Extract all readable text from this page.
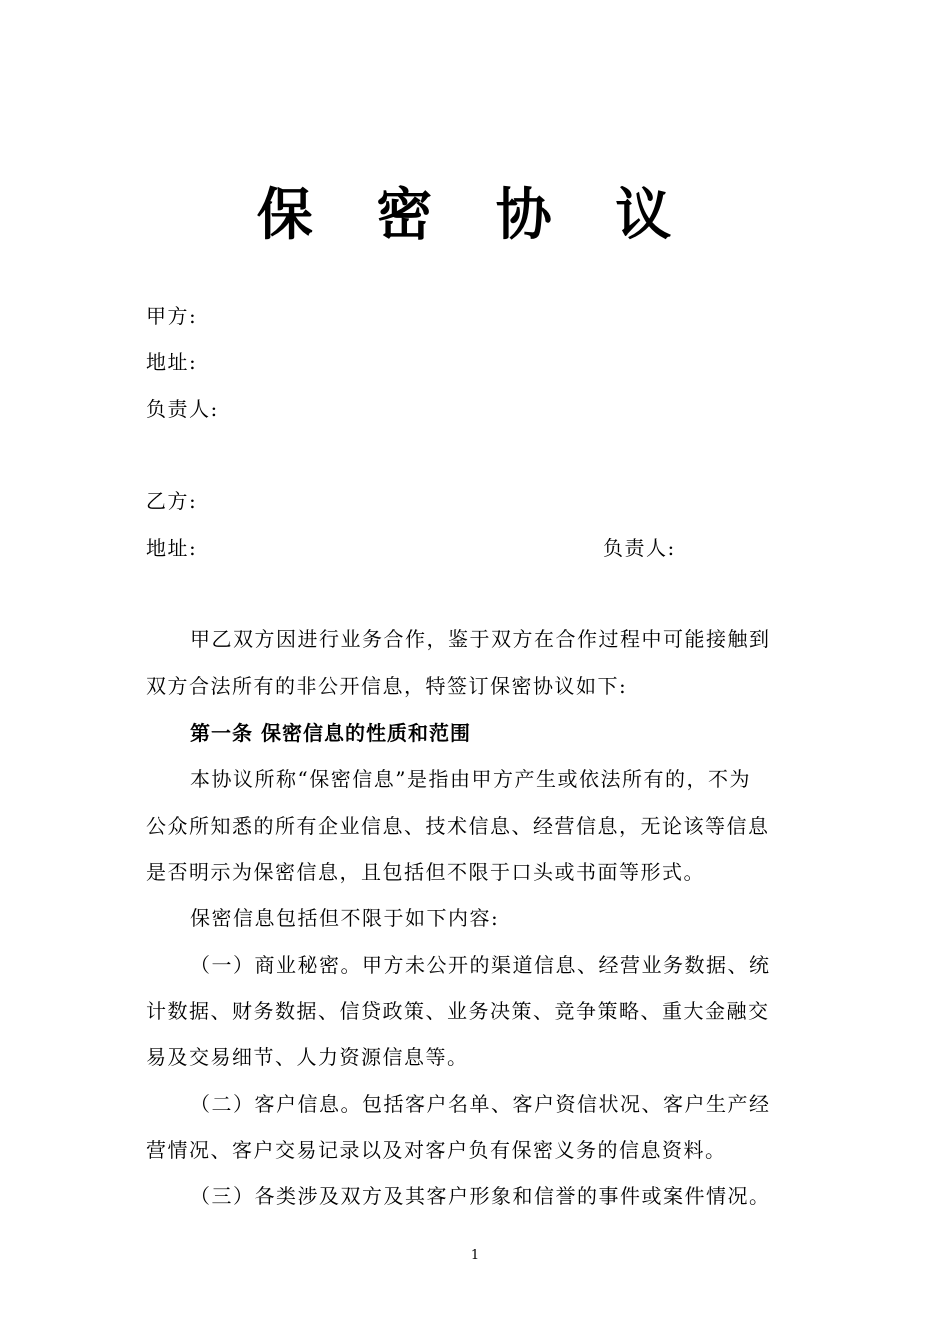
保 密 协 议
甲方:
地址:
负责人:
乙方:
地址:	负责人:
甲乙双方因进行业务合作，鉴于双方在合作过程中可能接触到
双方合法所有的非公开信息，特签订保密协议如下:
第一条 保密信息的性质和范围
本协议所称“保密信息”是指由甲方产生或依法所有的，不为
公众所知悉的所有企业信息、技术信息、经营信息，无论该等信息
是否明示为保密信息，且包括但不限于口头或书面等形式。
保密信息包括但不限于如下内容:
（一）商业秘密。甲方未公开的渠道信息、经营业务数据、统
计数据、财务数据、信贷政策、业务决策、竞争策略、重大金融交
易及交易细节、人力资源信息等。
（二）客户信息。包括客户名单、客户资信状况、客户生产经
营情况、客户交易记录以及对客户负有保密义务的信息资料。
（三）各类涉及双方及其客户形象和信誉的事件或案件情况。
1
